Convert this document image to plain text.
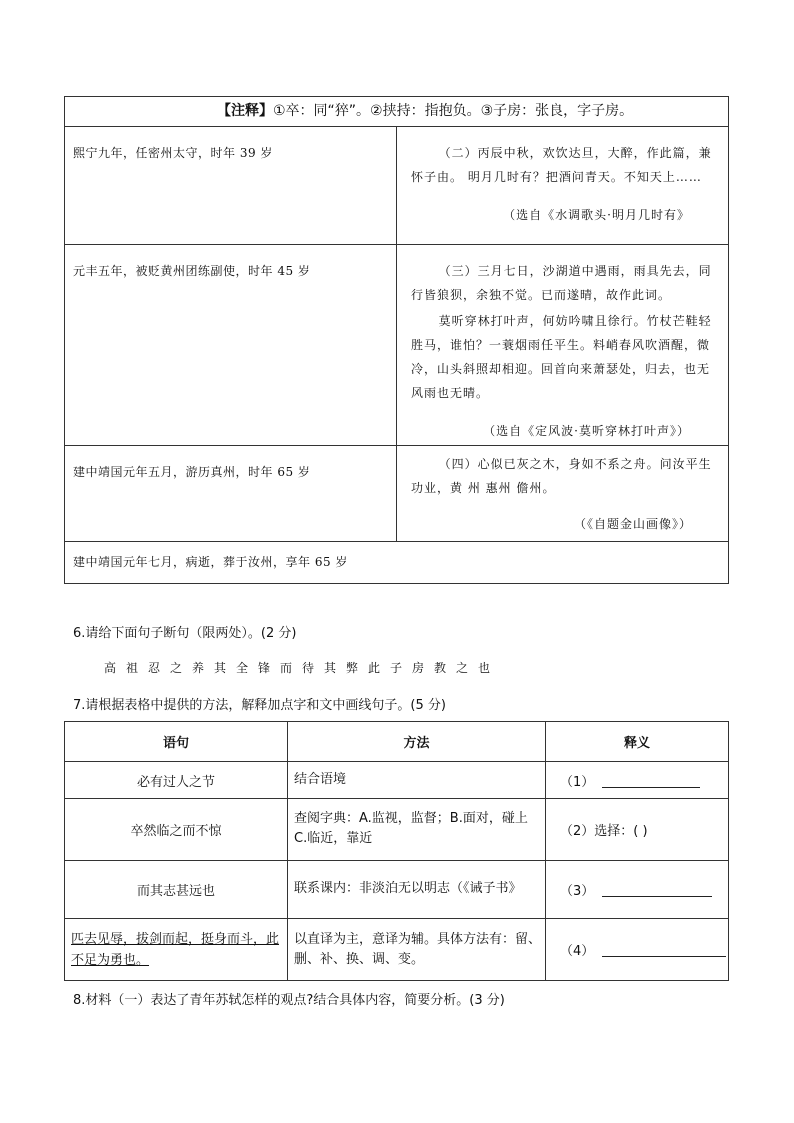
【注释】①卒：同“猝”。②挟持：指抱负。③子房：张良，字子房。	

熙宁九年，任密州太守，时年 39 岁	（二）丙辰中秋，欢饮达旦，大醉，作此篇，兼怀子由。 明月几时有？把酒问青天。不知天上……
（选自《水调歌头·明月几时有》

元丰五年，被贬黄州团练副使，时年 45 岁	（三）三月七日，沙湖道中遇雨，雨具先去，同行皆狼狈，余独不觉。已而遂晴，故作此词。
莫听穿林打叶声，何妨吟啸且徐行。竹杖芒鞋轻胜马，谁怕？一蓑烟雨任平生。料峭春风吹酒醒，微冷，山头斜照却相迎。回首向来萧瑟处，归去，也无风雨也无晴。
（选自《定风波·莫听穿林打叶声》）

建中靖国元年五月，游历真州，时年 65 岁	（四）心似已灰之木，身如不系之舟。问汝平生功业，黄 州 惠州 儋州。
（《自题金山画像》）

建中靖国元年七月，病逝，葬于汝州，享年 65 岁	
6.请给下面句子断句（限两处）。(2 分)
高祖忍之养其全锋而待其弊此子房教之也
7.请根据表格中提供的方法，解释加点字和文中画线句子。(5 分)
语句	方法	释义
必有过人之节	结合语境	（1）
卒然临之而不惊	查阅字典：A.监视，监督；B.面对，碰上 C.临近，靠近	（2）选择：( )
而其志甚远也	联系课内：非淡泊无以明志（《诫子书》	（3）
匹去见辱，拔剑而起，挺身而斗，此不足为勇也。	以直译为主，意译为辅。具体方法有：留、删、补、换、调、变。	（4）
8.材料（一）表达了青年苏轼怎样的观点?结合具体内容，简要分析。(3 分)
